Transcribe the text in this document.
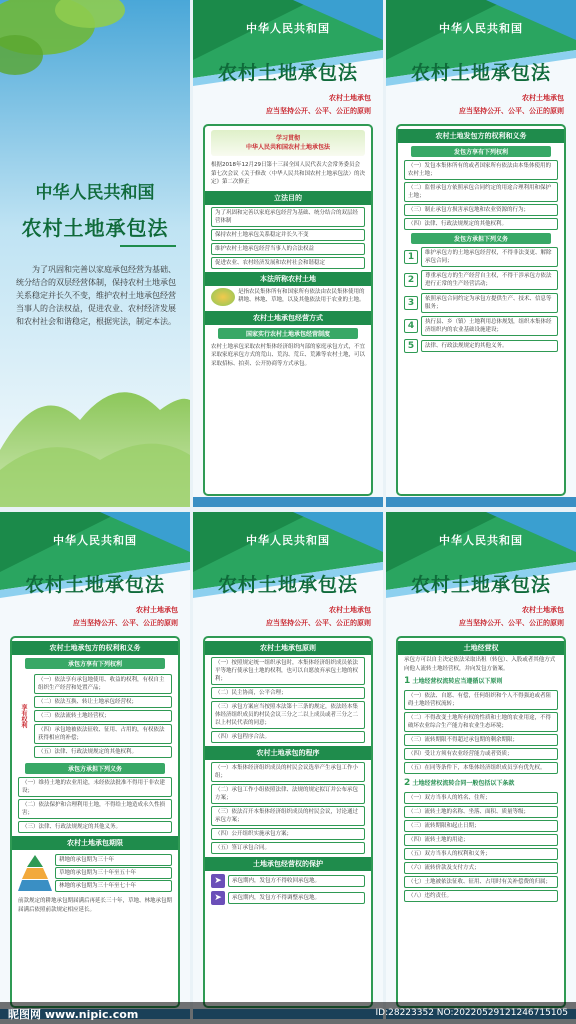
中华人民共和国
农村土地承包法
为了巩固和完善以家庭承包经营为基础、统分结合的双层经营体制，保持农村土地承包关系稳定并长久不变，维护农村土地承包经营当事人的合法权益，促进农业、农村经济发展和农村社会和谐稳定，根据宪法，制定本法。
中华人民共和国
农村土地承包法
农村土地承包
应当坚持公开、公平、公正的原则
学习贯彻
中华人民共和国农村土地承包法
根据2018年12月29日第十三届全国人民代表大会常务委员会第七次会议《关于修改〈中华人民共和国农村土地承包法〉的决定》第二次修正
立法目的
为了巩固和完善以家庭承包经营为基础、统分结合的双层经营体制
保持农村土地承包关系稳定并长久不变
维护农村土地承包经营当事人的合法权益
促进农业、农村经济发展和农村社会和谐稳定
本法所称农村土地
是指农民集体所有和国家所有依法由农民集体使用的耕地、林地、草地，以及其他依法用于农业的土地。
农村土地承包经营方式
国家实行农村土地承包经营制度
农村土地承包采取农村集体经济组织内部的家庭承包方式，不宜采取家庭承包方式的荒山、荒沟、荒丘、荒滩等农村土地，可以采取招标、拍卖、公开协商等方式承包。
中华人民共和国
农村土地承包法
农村土地承包
应当坚持公开、公平、公正的原则
农村土地发包方的权利和义务
发包方享有下列权利
（一）发包本集体所有的或者国家所有依法由本集体使用的农村土地；
（二）监督承包方依照承包合同约定的用途合理利用和保护土地；
（三）制止承包方损害承包地和农业资源的行为；
（四）法律、行政法规规定的其他权利。
发包方承担下列义务
1	维护承包方的土地承包经营权，不得非法变更、解除承包合同；
2	尊重承包方的生产经营自主权，不得干涉承包方依法进行正常的生产经营活动；
3	依照承包合同约定为承包方提供生产、技术、信息等服务；
4	执行县、乡（镇）土地利用总体规划，组织本集体经济组织内的农业基础设施建设；
5	法律、行政法规规定的其他义务。
中华人民共和国
农村土地承包法
农村土地承包
应当坚持公开、公平、公正的原则
农村土地承包方的权利和义务
承包方享有下列权利
享有权利
（一）依法享有承包地使用、收益的权利，有权自主组织生产经营和处置产品；
（二）依法互换、转让土地承包经营权；
（三）依法流转土地经营权；
（四）承包地被依法征收、征用、占用的，有权依法获得相应的补偿；
（五）法律、行政法规规定的其他权利。
承包方承担下列义务
（一）维持土地的农业用途，未经依法批准不得用于非农建设；
（二）依法保护和合理利用土地，不得给土地造成永久性损害；
（三）法律、行政法规规定的其他义务。
农村土地承包期限
耕地的承包期为三十年
草地的承包期为三十年至五十年
林地的承包期为三十年至七十年
前款规定的耕地承包期届满后再延长三十年，草地、林地承包期届满后依照前款规定相应延长。
中华人民共和国
农村土地承包法
农村土地承包
应当坚持公开、公平、公正的原则
农村土地承包原则
（一）按照规定统一组织承包时，本集体经济组织成员依法平等地行使承包土地的权利，也可以自愿放弃承包土地的权利；
（二）民主协商，公平合理；
（三）承包方案应当按照本法第十三条的规定，依法经本集体经济组织成员的村民会议三分之二以上成员或者三分之二以上村民代表的同意；
（四）承包程序合法。
农村土地承包的程序
（一）本集体经济组织成员的村民会议选举产生承包工作小组；
（二）承包工作小组依照法律、法规的规定拟订并公布承包方案；
（三）依法召开本集体经济组织成员的村民会议，讨论通过承包方案；
（四）公开组织实施承包方案；
（五）签订承包合同。
土地承包经营权的保护
➤	承包期内，发包方不得收回承包地。
➤	承包期内，发包方不得调整承包地。
中华人民共和国
农村土地承包法
农村土地承包
应当坚持公开、公平、公正的原则
土地经营权
承包方可以自主决定依法采取出租（转包）、入股或者其他方式向他人流转土地经营权，并向发包方备案。
1 土地经营权流转应当遵循以下原则
（一）依法、自愿、有偿，任何组织和个人不得强迫或者阻碍土地经营权流转；
（二）不得改变土地所有权的性质和土地的农业用途，不得破坏农业综合生产能力和农业生态环境；
（三）流转期限不得超过承包期的剩余期限；
（四）受让方须有农业经营能力或者资质；
（五）在同等条件下，本集体经济组织成员享有优先权。
2 土地经营权流转合同一般包括以下条款
（一）双方当事人的姓名、住所；
（二）流转土地的名称、坐落、面积、质量等级；
（三）流转期限和起止日期；
（四）流转土地的用途；
（五）双方当事人的权利和义务；
（六）流转价款及支付方式；
（七）土地被依法征收、征用、占用时有关补偿费的归属；
（八）违约责任。
昵图网 www.nipic.com	ID:28223352 NO:20220529121246715105
